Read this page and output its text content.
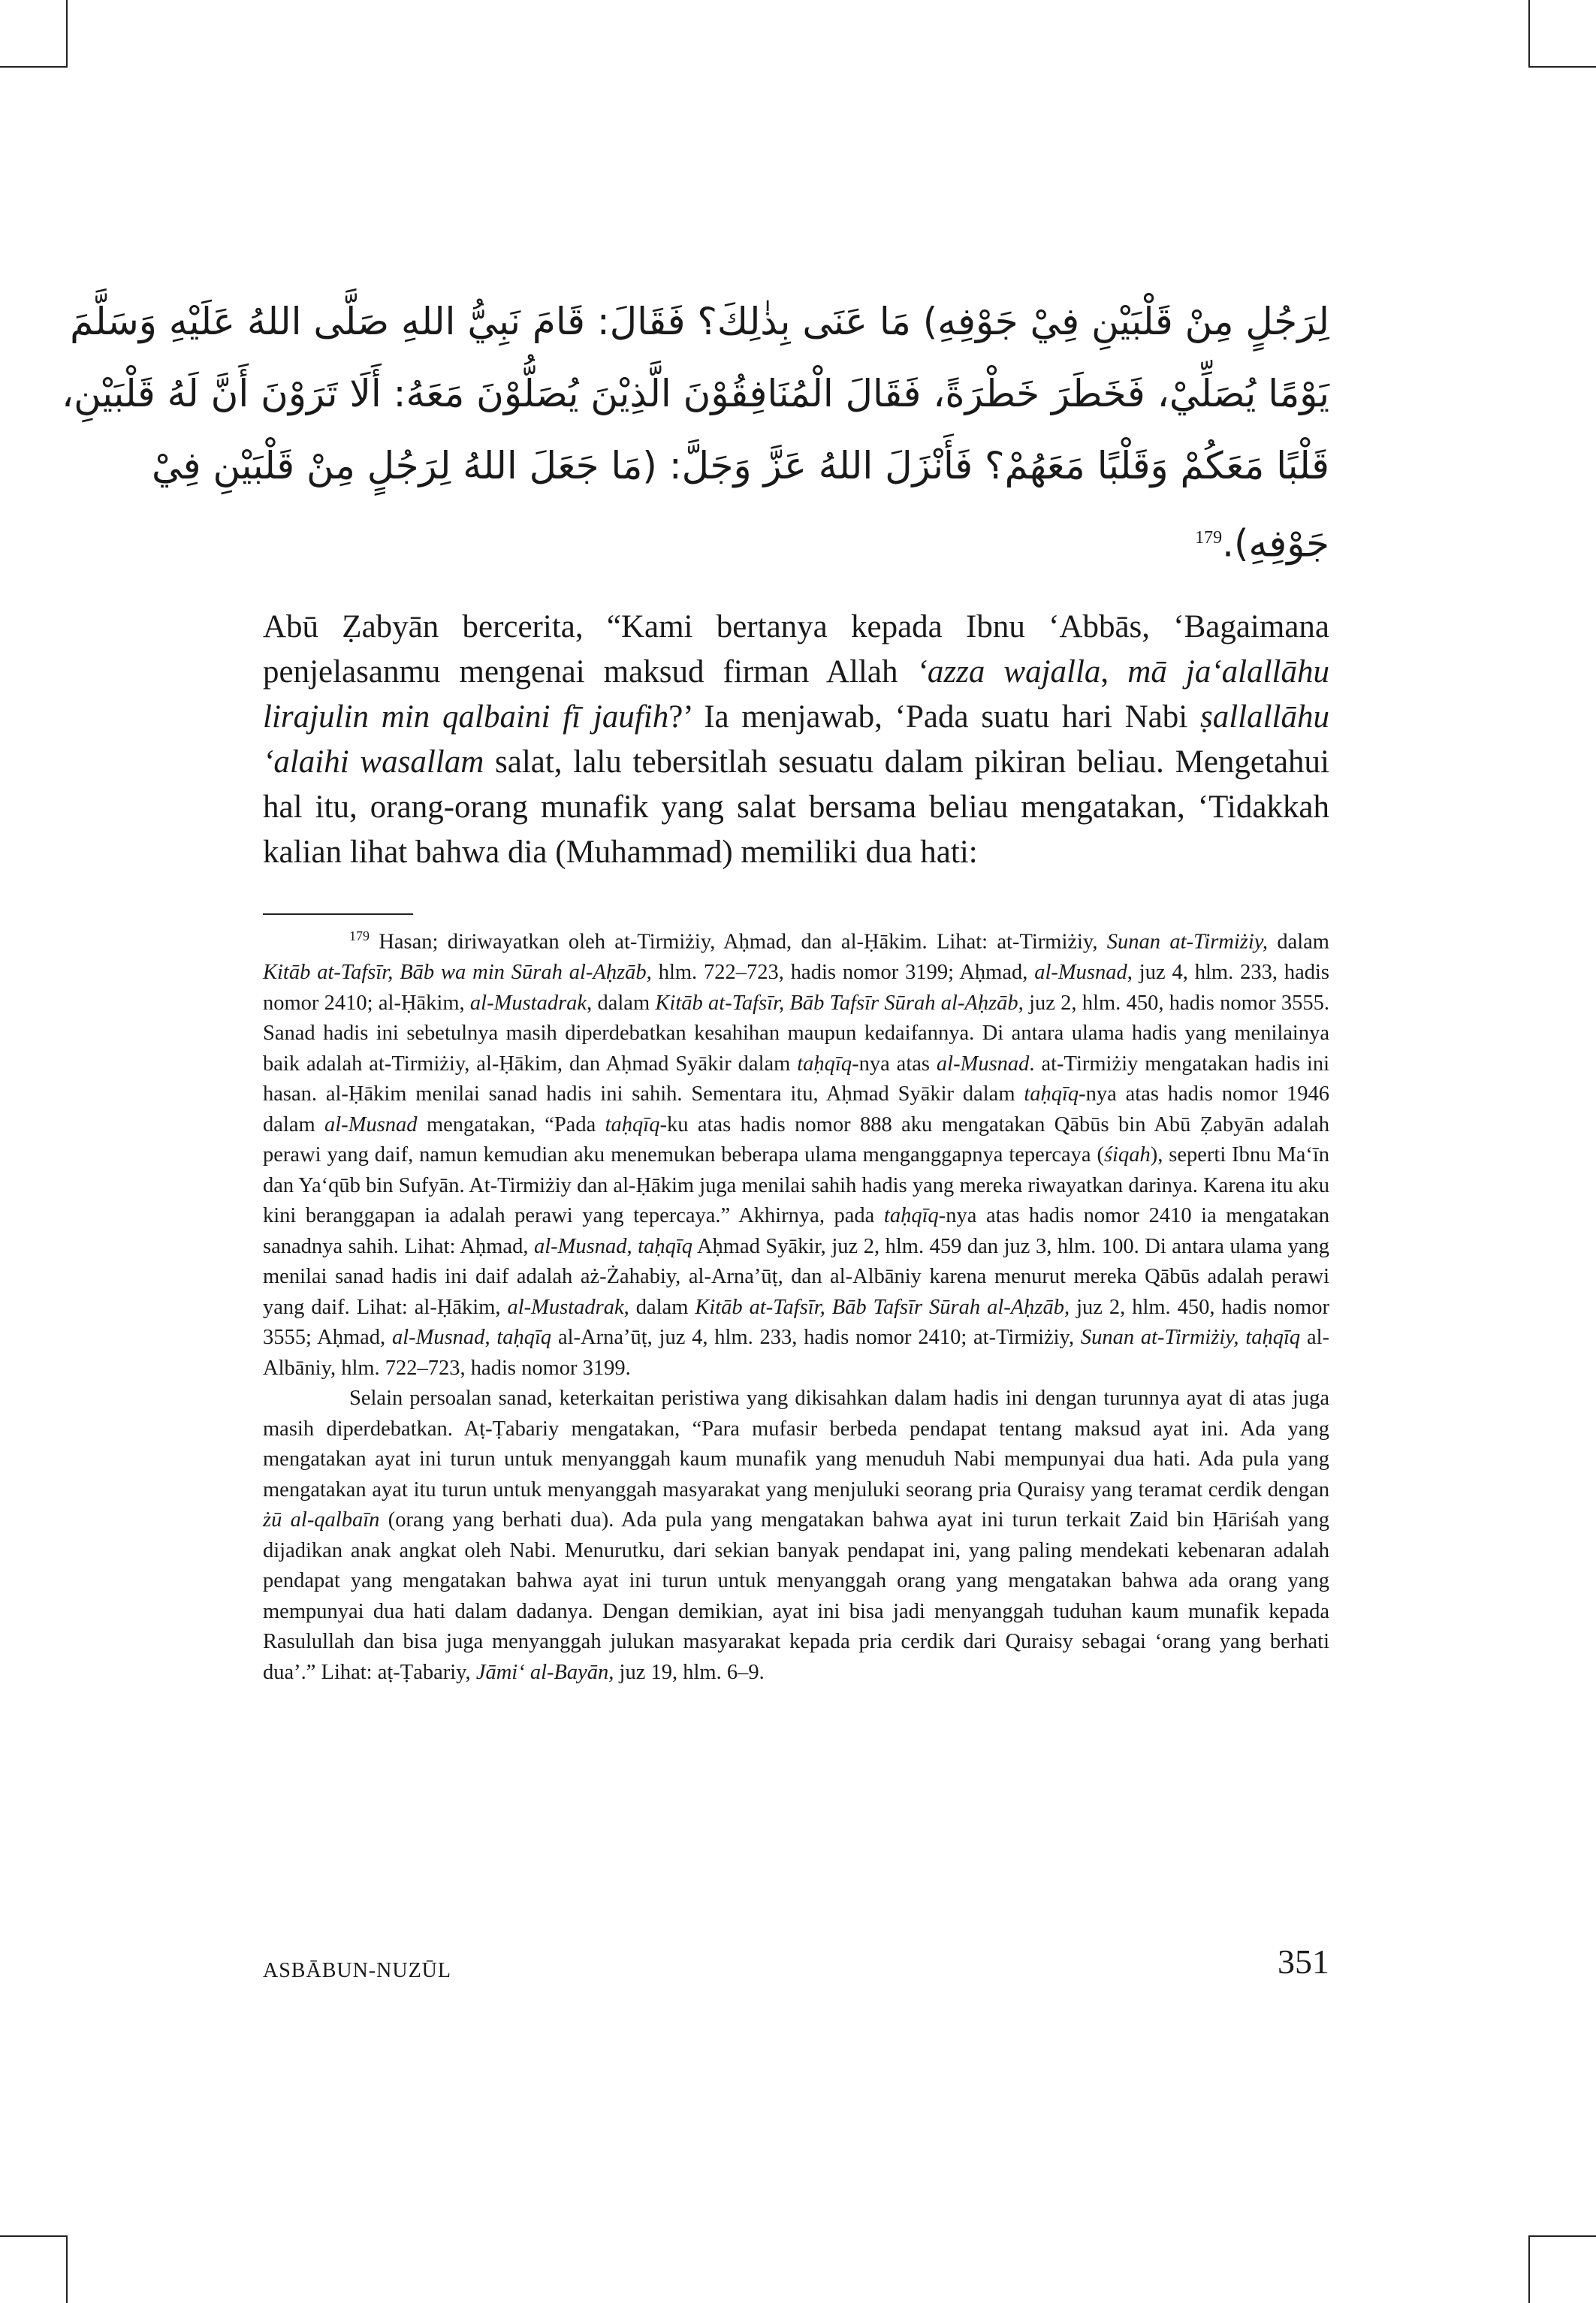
لِرَجُلٍ مِنْ قَلْبَيْنِ فِيْ جَوْفِهِ) مَا عَنَى بِذٰلِكَ؟ فَقَالَ: قَامَ نَبِيُّ اللهِ صَلَّى اللهُ عَلَيْهِ وَسَلَّمَ
يَوْمًا يُصَلِّيْ، فَخَطَرَ خَطْرَةً، فَقَالَ الْمُنَافِقُوْنَ الَّذِيْنَ يُصَلُّوْنَ مَعَهُ: أَلَا تَرَوْنَ أَنَّ لَهُ قَلْبَيْنِ،
قَلْبًا مَعَكُمْ وَقَلْبًا مَعَهُمْ؟ فَأَنْزَلَ اللهُ عَزَّ وَجَلَّ: (مَا جَعَلَ اللهُ لِرَجُلٍ مِنْ قَلْبَيْنِ فِيْ
جَوْفِهِ).$^{179}$

Abū Ẓabyān bercerita, “Kami bertanya kepada Ibnu ‘Abbās, ‘Bagaimana penjelasanmu mengenai maksud firman Allah ‘azza wajalla, mā ja‘alallāhu lirajulin min qalbaini fī jaufih?’ Ia menjawab, ‘Pada suatu hari Nabi ṣallallāhu ‘alaihi wasallam salat, lalu tebersitlah sesuatu dalam pikiran beliau. Mengetahui hal itu, orang-orang munafik yang salat bersama beliau mengatakan, ‘Tidakkah kalian lihat bahwa dia (Muhammad) memiliki dua hati:

$^{179}$ Hasan; diriwayatkan oleh at-Tirmiżiy, Aḥmad, dan al-Ḥākim. Lihat: at-Tirmiżiy, Sunan at-Tirmiżiy, dalam Kitāb at-Tafsīr, Bāb wa min Sūrah al-Aḥzāb, hlm. 722–723, hadis nomor 3199; Aḥmad, al-Musnad, juz 4, hlm. 233, hadis nomor 2410; al-Ḥākim, al-Mustadrak, dalam Kitāb at-Tafsīr, Bāb Tafsīr Sūrah al-Aḥzāb, juz 2, hlm. 450, hadis nomor 3555. Sanad hadis ini sebetulnya masih diperdebatkan kesahihan maupun kedaifannya. Di antara ulama hadis yang menilainya baik adalah at-Tirmiżiy, al-Ḥākim, dan Aḥmad Syākir dalam taḥqīq-nya atas al-Musnad. at-Tirmiżiy mengatakan hadis ini hasan. al-Ḥākim menilai sanad hadis ini sahih. Sementara itu, Aḥmad Syākir dalam taḥqīq-nya atas hadis nomor 1946 dalam al-Musnad mengatakan, “Pada taḥqīq-ku atas hadis nomor 888 aku mengatakan Qābūs bin Abū Ẓabyān adalah perawi yang daif, namun kemudian aku menemukan beberapa ulama menganggapnya tepercaya (śiqah), seperti Ibnu Ma‘īn dan Ya‘qūb bin Sufyān. At-Tirmiżiy dan al-Ḥākim juga menilai sahih hadis yang mereka riwayatkan darinya. Karena itu aku kini beranggapan ia adalah perawi yang tepercaya.” Akhirnya, pada taḥqīq-nya atas hadis nomor 2410 ia mengatakan sanadnya sahih. Lihat: Aḥmad, al-Musnad, taḥqīq Aḥmad Syākir, juz 2, hlm. 459 dan juz 3, hlm. 100. Di antara ulama yang menilai sanad hadis ini daif adalah aż-Żahabiy, al-Arna’ūṭ, dan al-Albāniy karena menurut mereka Qābūs adalah perawi yang daif. Lihat: al-Ḥākim, al-Mustadrak, dalam Kitāb at-Tafsīr, Bāb Tafsīr Sūrah al-Aḥzāb, juz 2, hlm. 450, hadis nomor 3555; Aḥmad, al-Musnad, taḥqīq al-Arna’ūṭ, juz 4, hlm. 233, hadis nomor 2410; at-Tirmiżiy, Sunan at-Tirmiżiy, taḥqīq al-Albāniy, hlm. 722–723, hadis nomor 3199.

Selain persoalan sanad, keterkaitan peristiwa yang dikisahkan dalam hadis ini dengan turunnya ayat di atas juga masih diperdebatkan. Aṭ-Ṭabariy mengatakan, “Para mufasir berbeda pendapat tentang maksud ayat ini. Ada yang mengatakan ayat ini turun untuk menyanggah kaum munafik yang menuduh Nabi mempunyai dua hati. Ada pula yang mengatakan ayat itu turun untuk menyanggah masyarakat yang menjuluki seorang pria Quraisy yang teramat cerdik dengan żū al-qalbaīn (orang yang berhati dua). Ada pula yang mengatakan bahwa ayat ini turun terkait Zaid bin Ḥāriśah yang dijadikan anak angkat oleh Nabi. Menurutku, dari sekian banyak pendapat ini, yang paling mendekati kebenaran adalah pendapat yang mengatakan bahwa ayat ini turun untuk menyanggah orang yang mengatakan bahwa ada orang yang mempunyai dua hati dalam dadanya. Dengan demikian, ayat ini bisa jadi menyanggah tuduhan kaum munafik kepada Rasulullah dan bisa juga menyanggah julukan masyarakat kepada pria cerdik dari Quraisy sebagai ‘orang yang berhati dua’.” Lihat: aṭ-Ṭabariy, Jāmi‘ al-Bayān, juz 19, hlm. 6–9.

ASBĀBUN-NUZŪL	351
